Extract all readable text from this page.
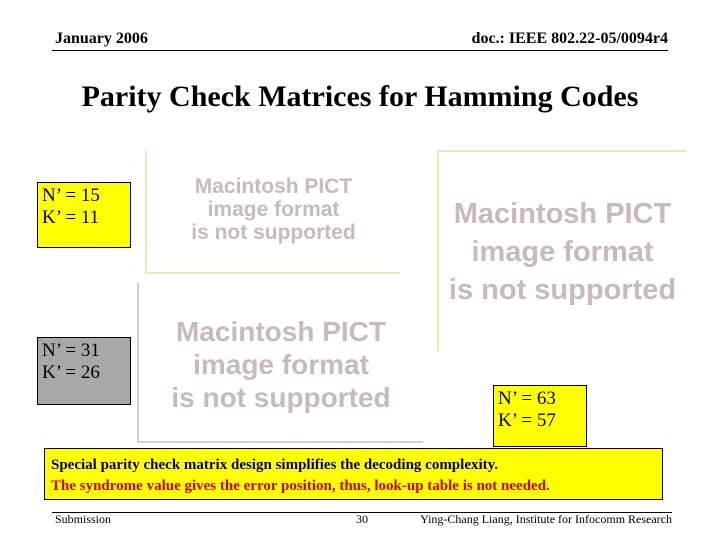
January 2006	doc.: IEEE 802.22-05/0094r4
Parity Check Matrices for Hamming Codes
N’ = 15
K’ = 11
N’ = 31
K’ = 26
N’ = 63
K’ = 57
Macintosh PICT
image format
is not supported
Macintosh PICT
image format
is not supported
Macintosh PICT
image format
is not supported
Special parity check matrix design simplifies the decoding complexity.
The syndrome value gives the error position, thus, look-up table is not needed.
Submission	30	Ying-Chang Liang, Institute for Infocomm Research
